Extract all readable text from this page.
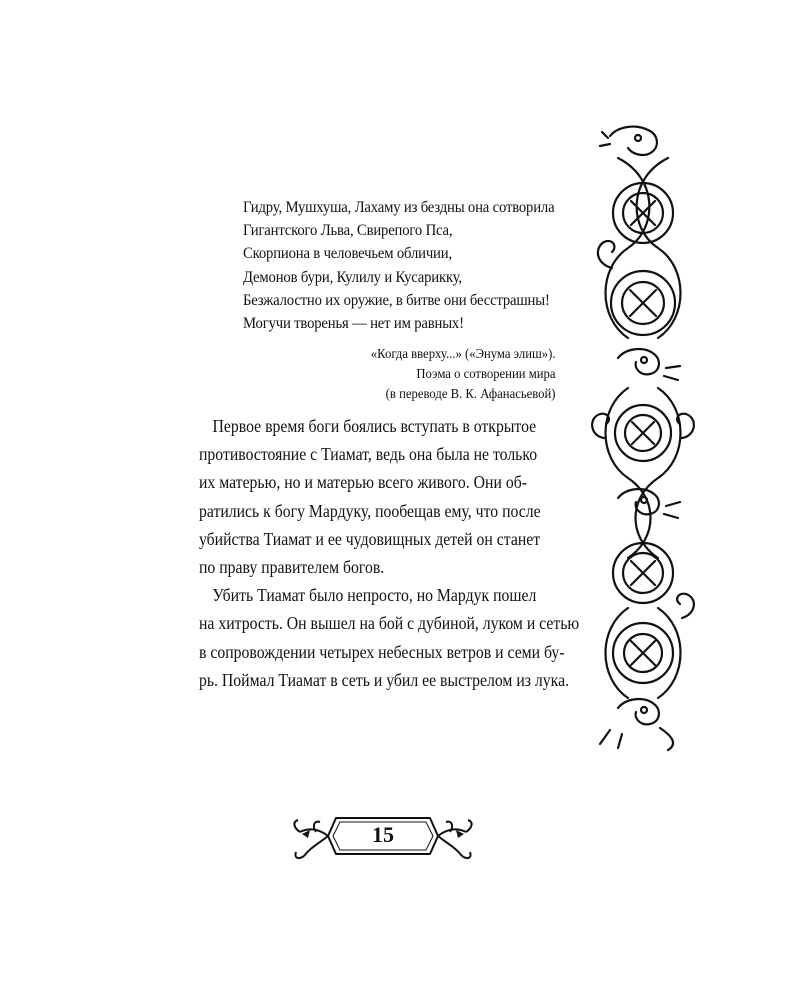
Гидру, Мушхуша, Лахаму из бездны она сотворила
Гигантского Льва, Свирепого Пса,
Скорпиона в человечьем обличии,
Демонов бури, Кулилу и Кусарикку,
Безжалостно их оружие, в битве они бесстрашны!
Могучи творенья — нет им равных!
«Когда вверху...» («Энума элиш»).
Поэма о сотворении мира
(в переводе В. К. Афанасьевой)
Первое время боги боялись вступать в открытое
противостояние с Тиамат, ведь она была не только
их матерью, но и матерью всего живого. Они об-
ратились к богу Мардуку, пообещав ему, что после
убийства Тиамат и ее чудовищных детей он станет
по праву правителем богов.
Убить Тиамат было непросто, но Мардук пошел
на хитрость. Он вышел на бой с дубиной, луком и сетью
в сопровождении четырех небесных ветров и семи бу-
рь. Поймал Тиамат в сеть и убил ее выстрелом из лука.
15
